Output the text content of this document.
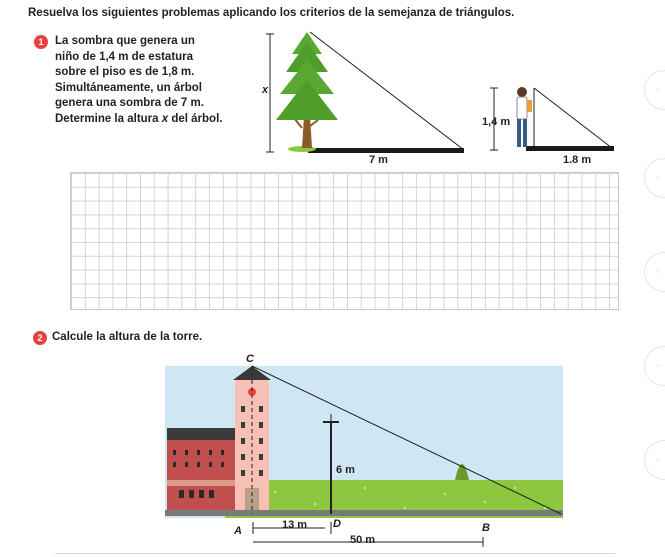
Resuelva los siguientes problemas aplicando los criterios de la semejanza de triángulos.
1	La sombra que genera un
niño de 1,4 m de estatura
sobre el piso es de 1,8 m.
Simultáneamente, un árbol
genera una sombra de 7 m.
Determine la altura x del árbol.
x
7 m
1,4 m
1.8 m
2 Calcule la altura de la torre.
C
6 m
A	13 m D	B
50 m
◦
◦
◦
◦
◦
